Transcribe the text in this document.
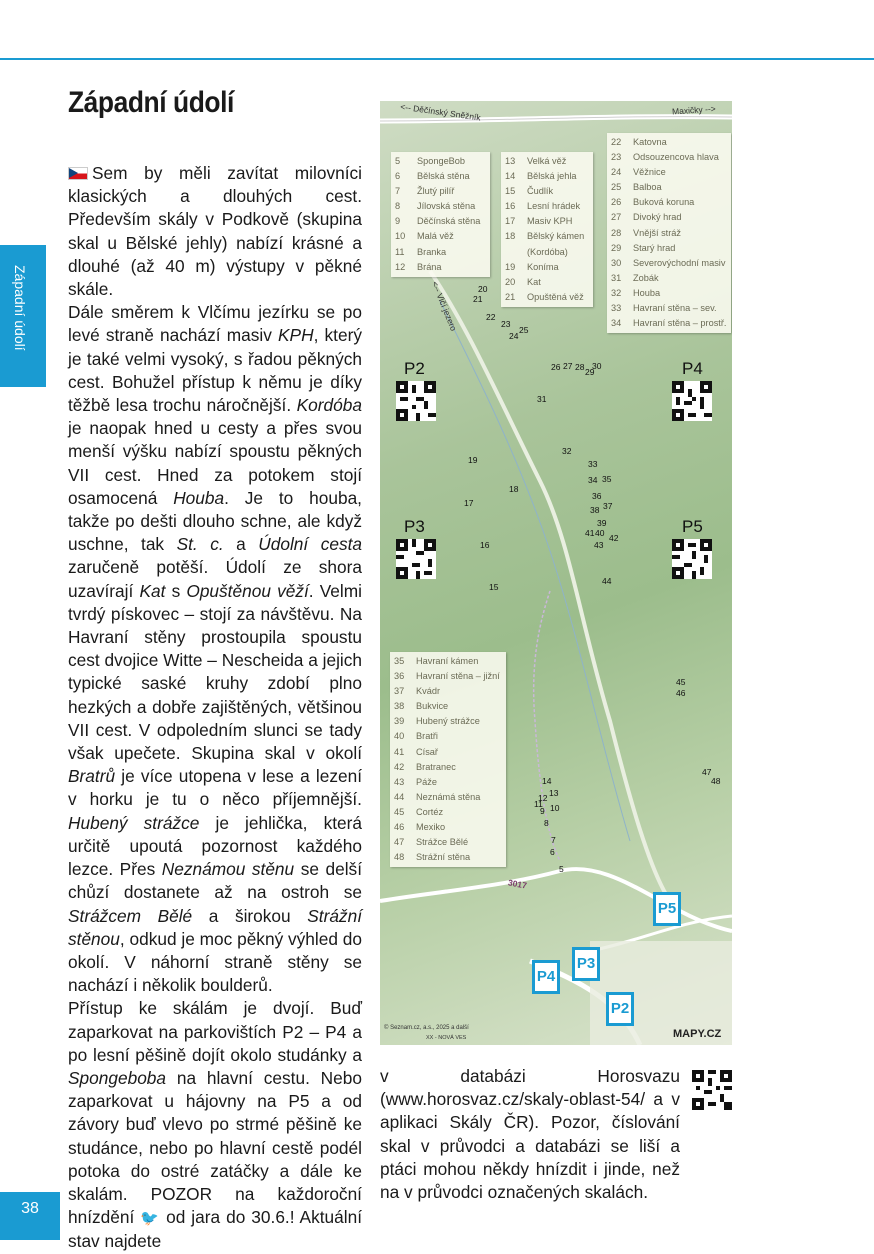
Západní údolí
Západní údolí

Sem by měli zavítat milovníci klasických a dlouhých cest. Především skály v Podkově (skupina skal u Bělské jehly) nabízí krásné a dlouhé (až 40 m) výstupy v pěkné skále.

Dále směrem k Vlčímu jezírku se po levé straně nachází masiv KPH, který je také velmi vysoký, s řadou pěkných cest. Bohužel přístup k němu je díky těžbě lesa trochu náročnější. Kordóba je naopak hned u cesty a přes svou menší výšku nabízí spoustu pěkných VII cest. Hned za potokem stojí osamocená Houba. Je to houba, takže po dešti dlouho schne, ale když uschne, tak St. c. a Údolní cesta zaručeně potěší. Údolí ze shora uzavírají Kat s Opuštěnou věží. Velmi tvrdý pískovec – stojí za návštěvu. Na Havraní stěny prostoupila spoustu cest dvojice Witte – Nescheida a jejich typické saské kruhy zdobí plno hezkých a dobře zajištěných, většinou VII cest. V odpoledním slunci se tady však upečete. Skupina skal v okolí Bratrů je více utopena v lese a lezení v horku je tu o něco příjemnější. Hubený strážce je jehlička, která určitě upoutá pozornost každého lezce. Přes Neznámou stěnu se delší chůzí dostanete až na ostroh se Strážcem Bělé a širokou Strážní stěnou, odkud je moc pěkný výhled do okolí. V náhorní straně stěny se nachází i několik boulderů.

Přístup ke skálám je dvojí. Buď zaparkovat na parkovištích P2 – P4 a po lesní pěšině dojít okolo studánky a Spongeboba na hlavní cestu. Nebo zaparkovat u hájovny na P5 a od závory buď vlevo po strmé pěšině ke studánce, nebo po hlavní cestě podél potoka do ostré zatáčky a dále ke skalám. POZOR na každoroční hnízdění 🐦 od jara do 30.6.! Aktuální stav najdete

<-- Děčínský Sněžník	Maxičky -->
<-- Vlčí jezero
3017
5	SpongeBob
6	Bělská stěna
7	Žlutý pilíř
8	Jílovská stěna
9	Děčínská stěna
10	Malá věž
11	Branka
12	Brána
13	Velká věž
14	Bělská jehla
15	Čudlík
16	Lesní hrádek
17	Masiv KPH
18	Bělský kámen
(Kordóba)
19	Koníma
20	Kat
21	Opuštěná věž
22	Katovna
23	Odsouzencova hlava
24	Věžnice
25	Balboa
26	Buková koruna
27	Divoký hrad
28	Vnější stráž
29	Starý hrad
30	Severovýchodní masiv
31	Zobák
32	Houba
33	Havraní stěna – sev.
34	Havraní stěna – prostř.
35	Havraní kámen
36	Havraní stěna – jižní
37	Kvádr
38	Bukvice
39	Hubený strážce
40	Bratři
41	Císař
42	Bratranec
43	Páže
44	Neznámá stěna
45	Cortéz
46	Mexiko
47	Strážce Bělé
48	Strážní stěna
P2
P3
P4
P5
20
21
22
23
24
25
26 27 28 29
30
31
32
33
34 35
36
37
38
39
41 40 42
43
19
18
17
16
15
44
45
46
47
48
14
13
12
11 10
9
8
7
6
5
P5
P3
P4
P2
© Seznam.cz, a.s., 2025 a další
XX - NOVÁ VES	MAPY.CZ
v databázi Horosvazu (www.horosvaz.cz/skaly-oblast-54/ a v aplikaci Skály ČR). Pozor, číslování skal v průvodci a databázi se liší a ptáci mohou někdy hnízdit i jinde, než na v průvodci označených skalách.
38
